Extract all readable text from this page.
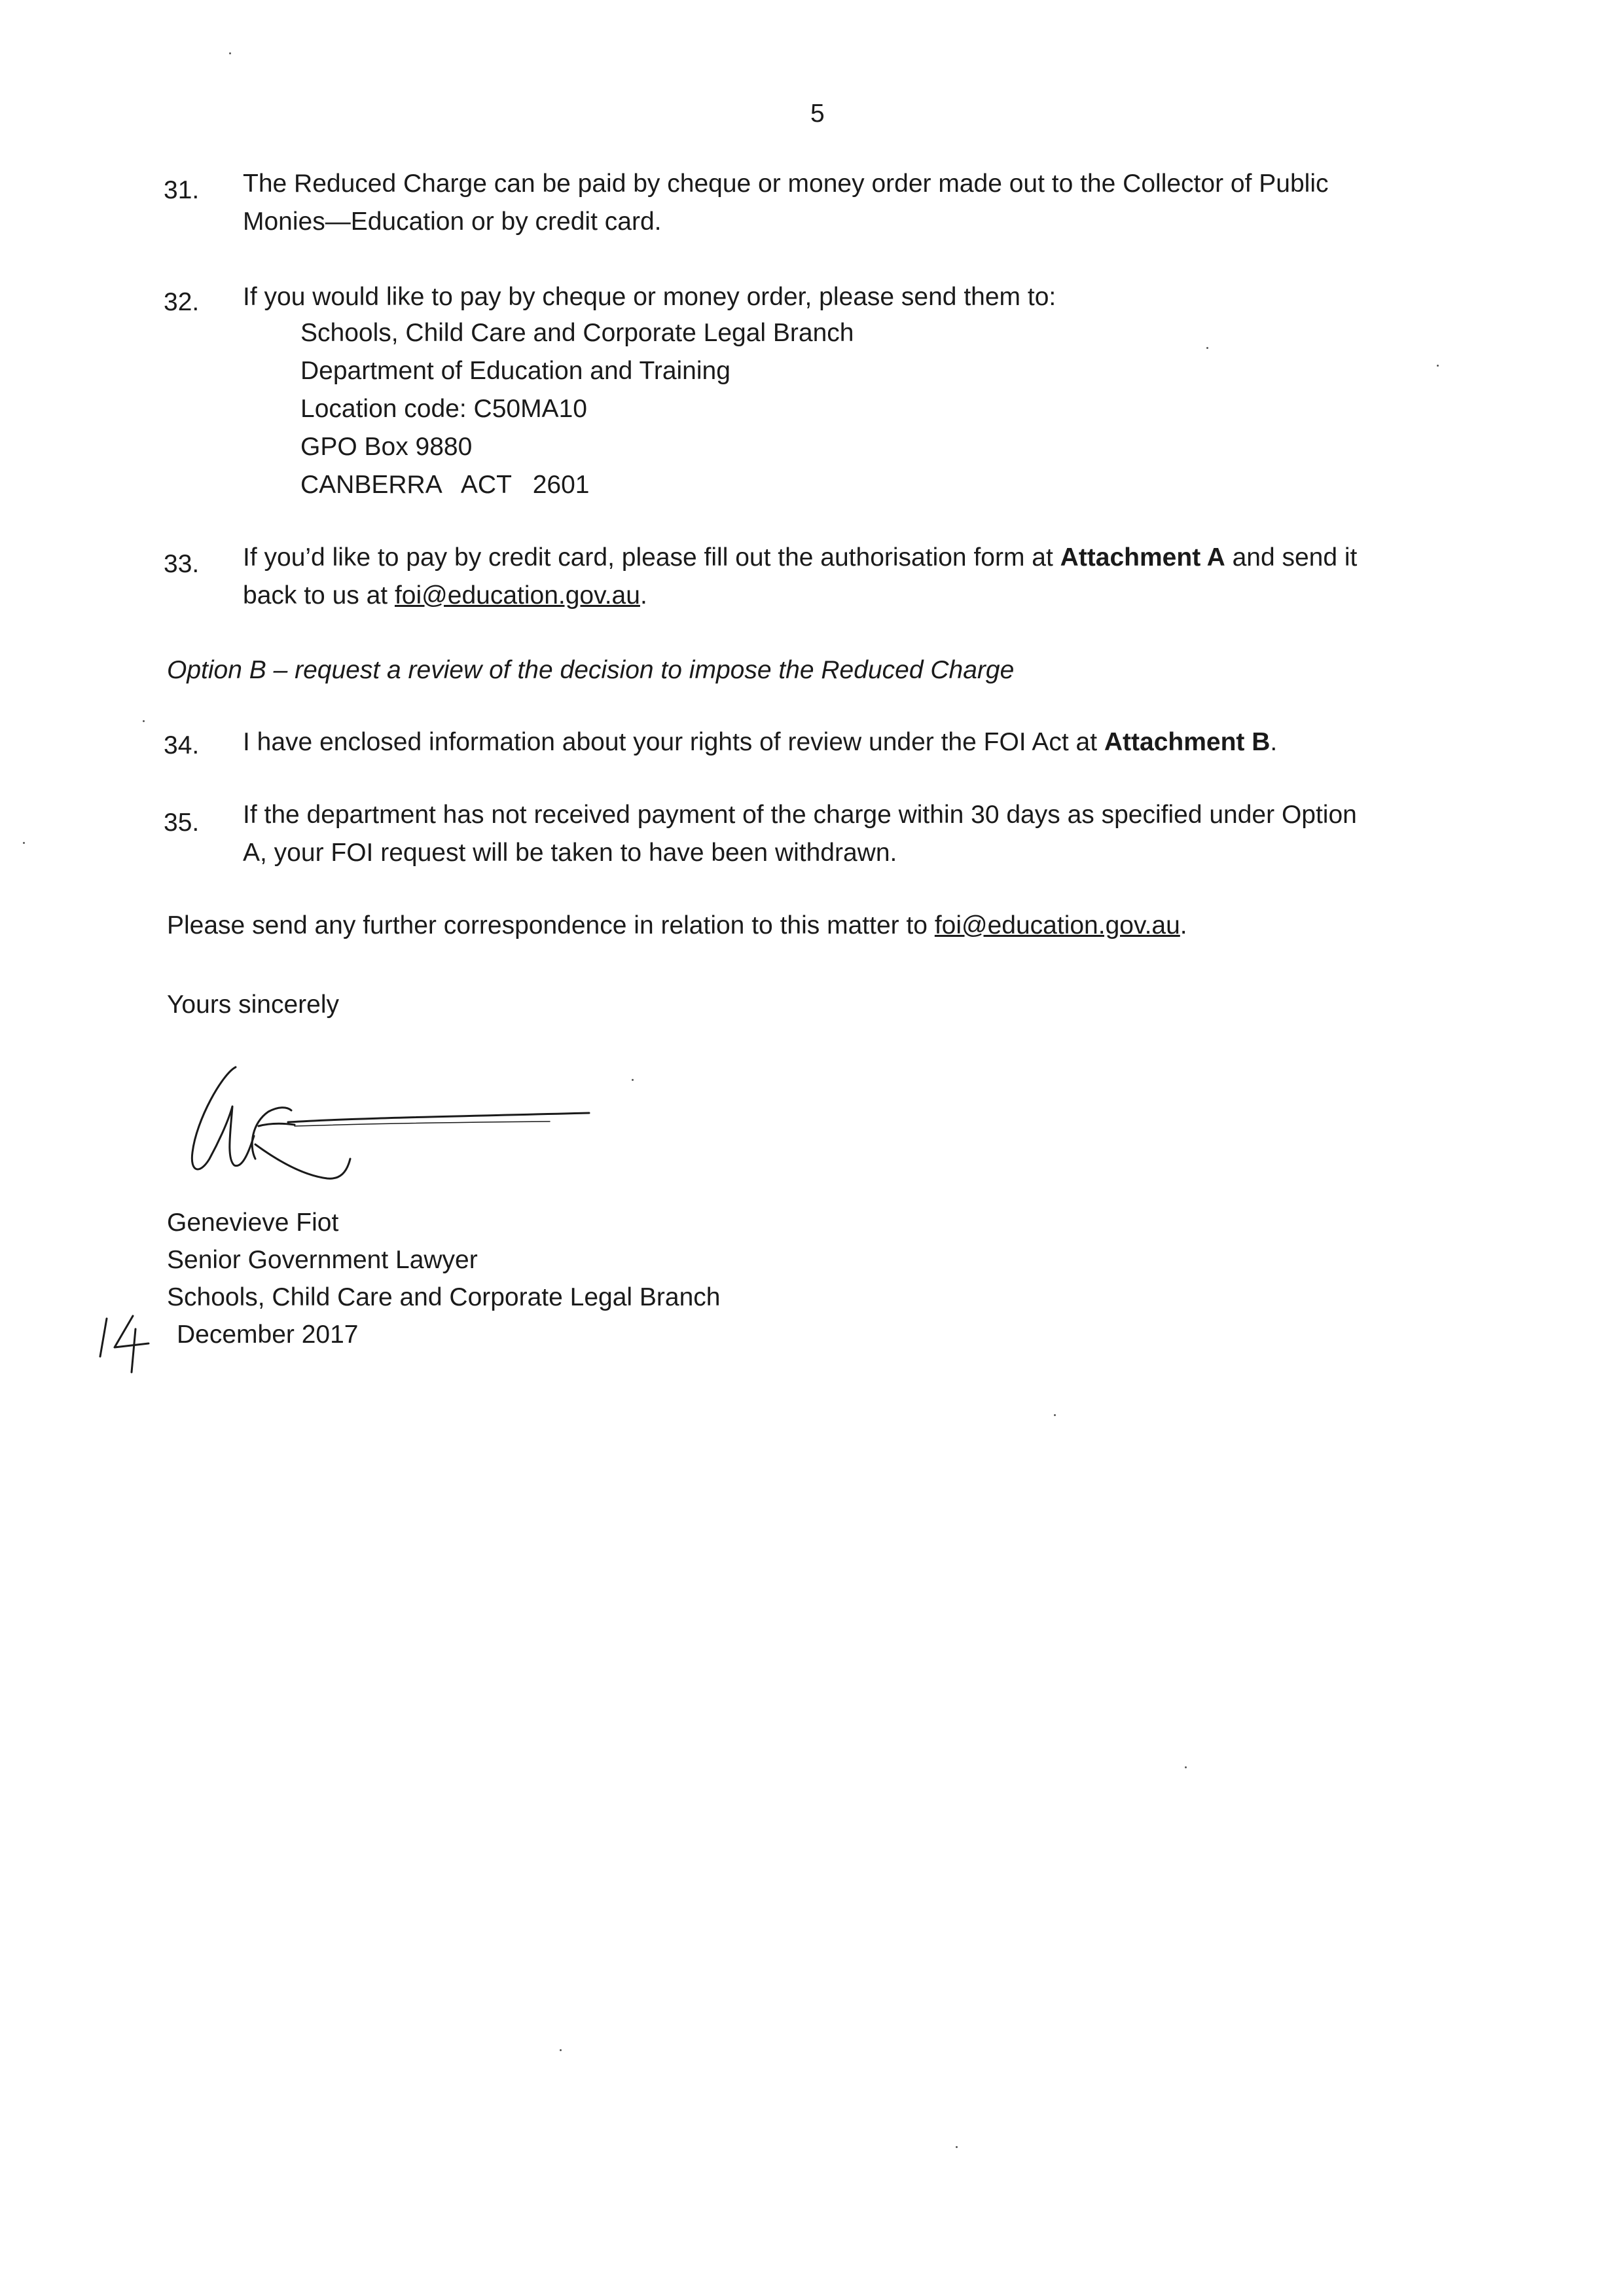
5
31. The Reduced Charge can be paid by cheque or money order made out to the Collector of Public
Monies—Education or by credit card.
32. If you would like to pay by cheque or money order, please send them to:
Schools, Child Care and Corporate Legal Branch
Department of Education and Training
Location code: C50MA10
GPO Box 9880
CANBERRA   ACT   2601
33. If you’d like to pay by credit card, please fill out the authorisation form at Attachment A and send it
back to us at foi@education.gov.au.
Option B – request a review of the decision to impose the Reduced Charge
34. I have enclosed information about your rights of review under the FOI Act at Attachment B.
35. If the department has not received payment of the charge within 30 days as specified under Option
A, your FOI request will be taken to have been withdrawn.
Please send any further correspondence in relation to this matter to foi@education.gov.au.
Yours sincerely
Genevieve Fiot
Senior Government Lawyer
Schools, Child Care and Corporate Legal Branch
December 2017
